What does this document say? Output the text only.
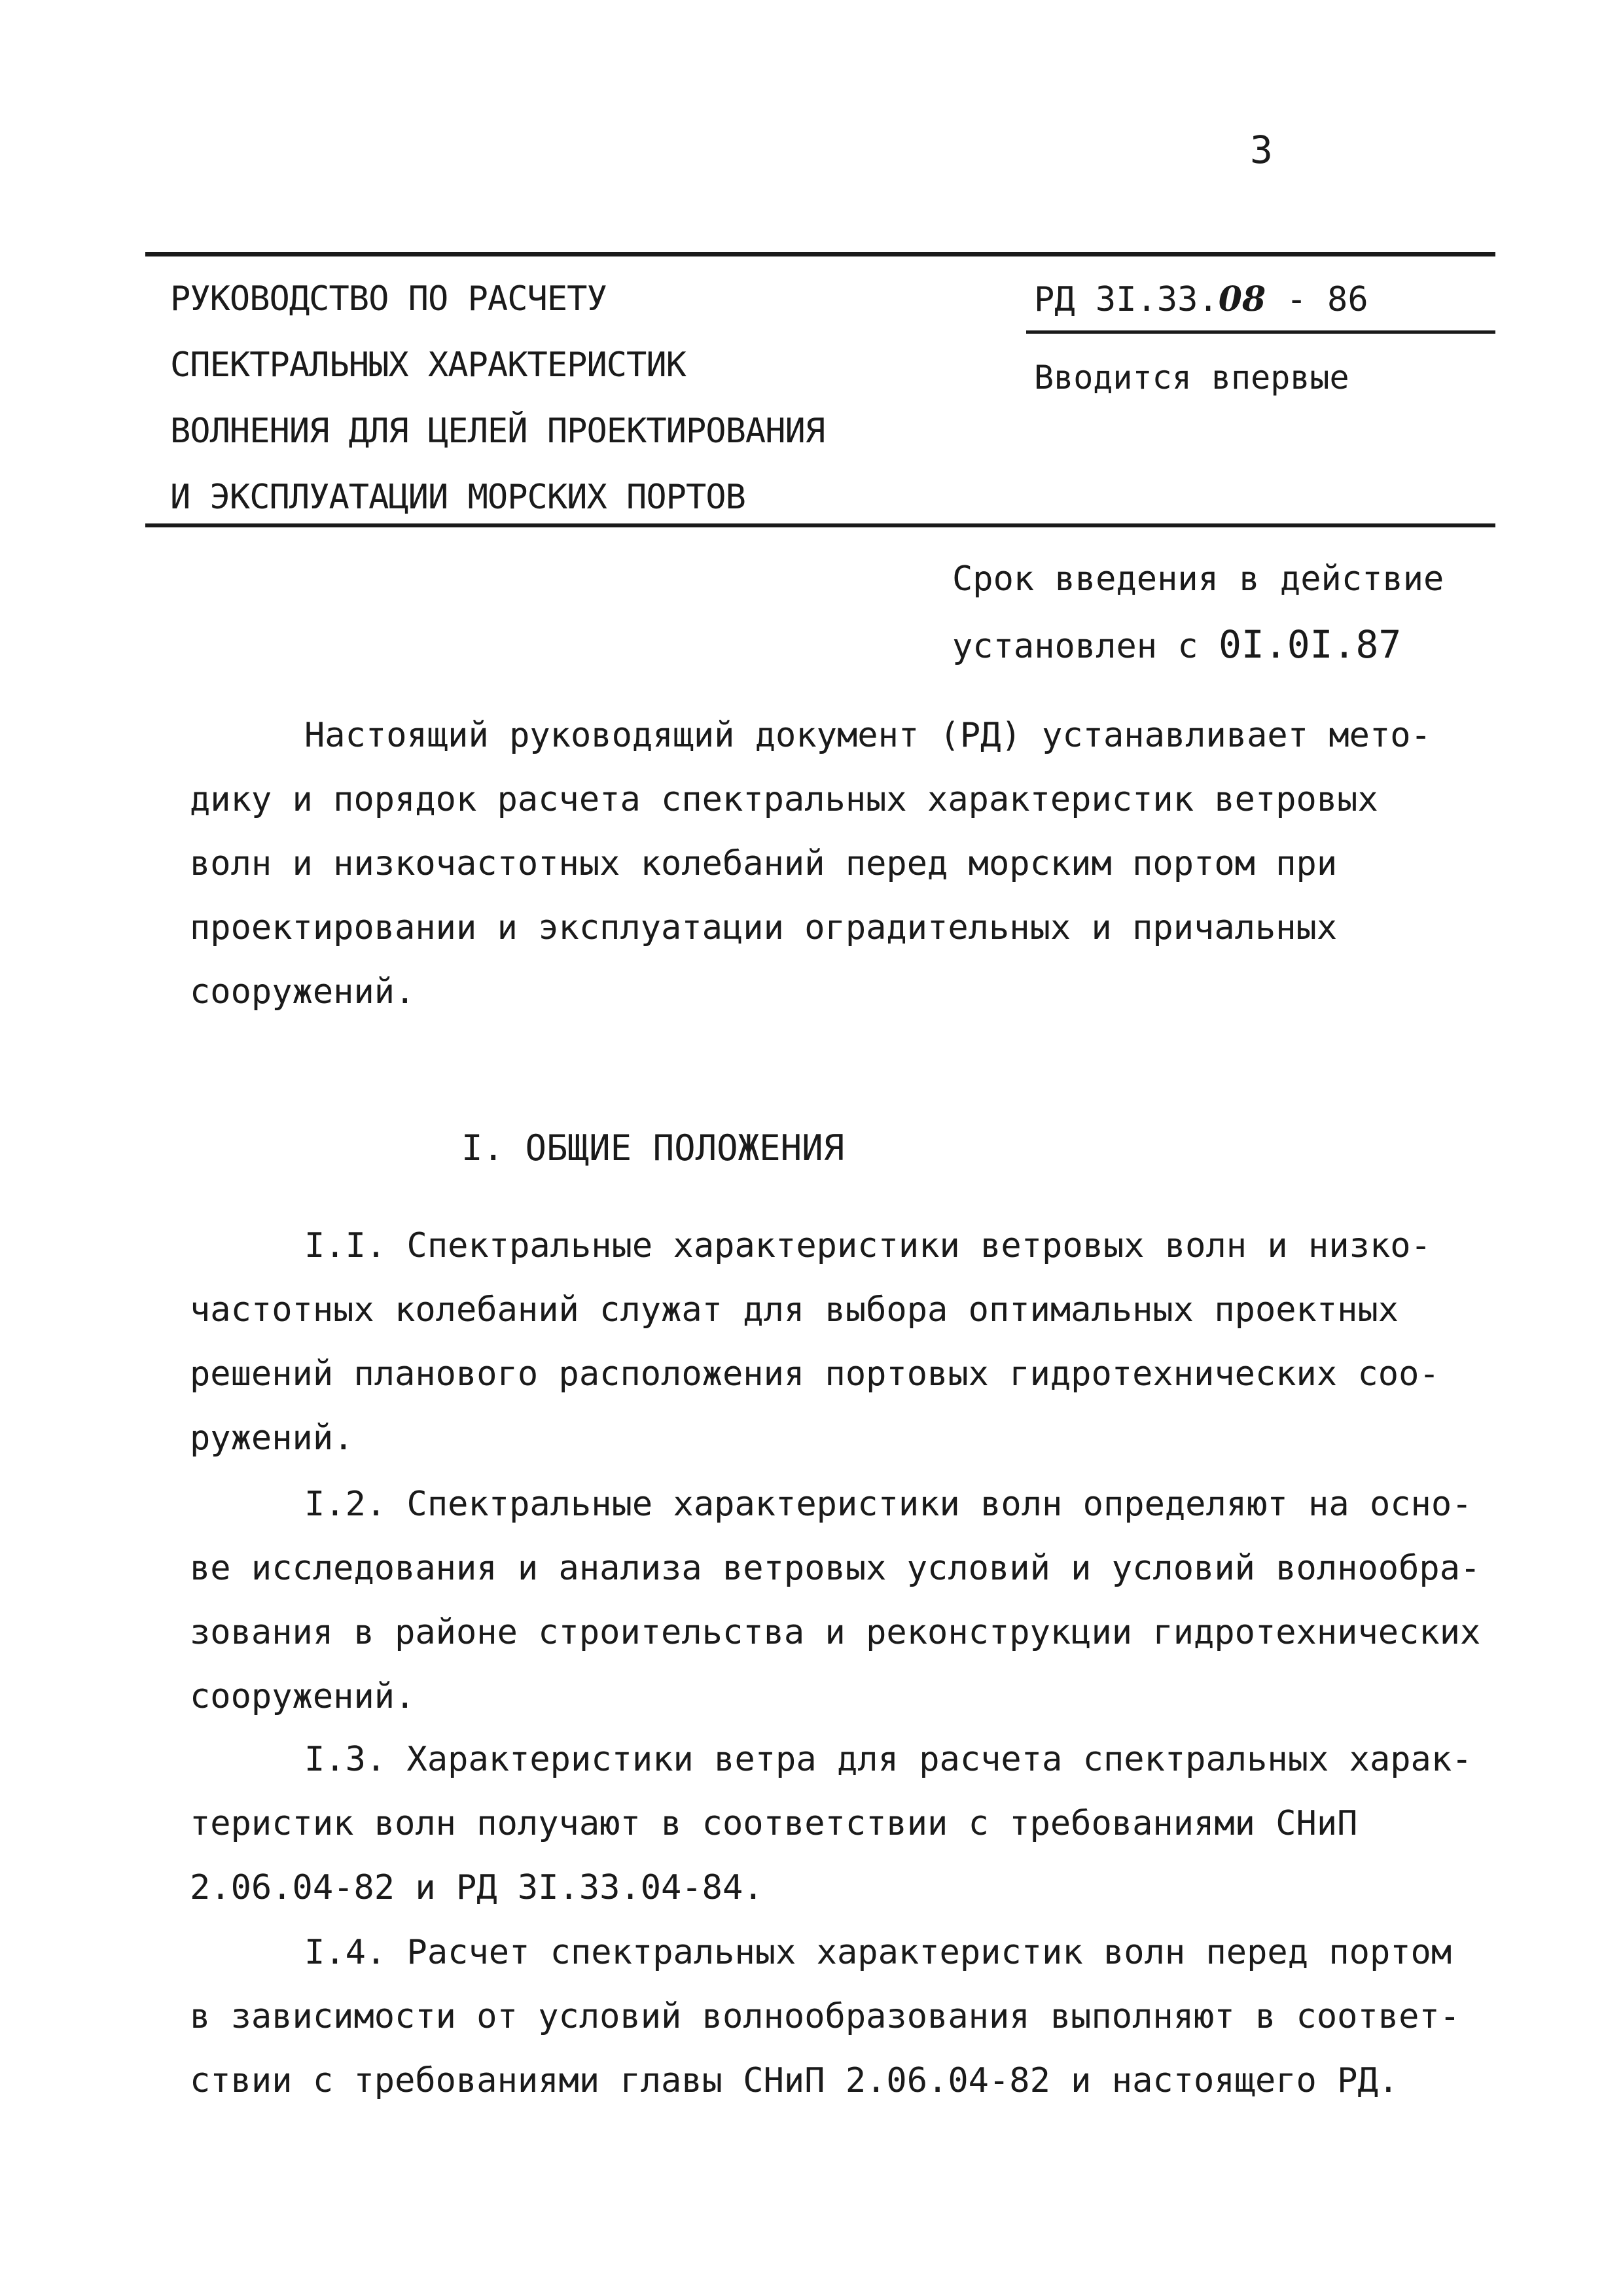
3
РУКОВОДСТВО ПО РАСЧЕТУ
СПЕКТРАЛЬНЫХ ХАРАКТЕРИСТИК
ВОЛНЕНИЯ ДЛЯ ЦЕЛЕЙ ПРОЕКТИРОВАНИЯ
И ЭКСПЛУАТАЦИИ МОРСКИХ ПОРТОВ
РД 3I.33.08 - 86
Вводится впервые
Срок введения в действие
установлен с 0I.0I.87
Настоящий руководящий документ (РД) устанавливает мето-
дику и порядок расчета спектральных характеристик ветровых
волн и низкочастотных колебаний перед морским портом при
проектировании и эксплуатации оградительных и причальных
сооружений.
I. ОБЩИЕ ПОЛОЖЕНИЯ
I.I. Спектральные характеристики ветровых волн и низко-
частотных колебаний служат для выбора оптимальных проектных
решений планового расположения портовых гидротехнических соо-
ружений.
I.2. Спектральные характеристики волн определяют на осно-
ве исследования и анализа ветровых условий и условий волнообра-
зования в районе строительства и реконструкции гидротехнических
сооружений.
I.3. Характеристики ветра для расчета спектральных харак-
теристик волн получают в соответствии с требованиями СНиП
2.06.04-82 и РД 3I.33.04-84.
I.4. Расчет спектральных характеристик волн перед портом
в зависимости от условий волнообразования выполняют в соответ-
ствии с требованиями главы СНиП 2.06.04-82 и настоящего РД.
